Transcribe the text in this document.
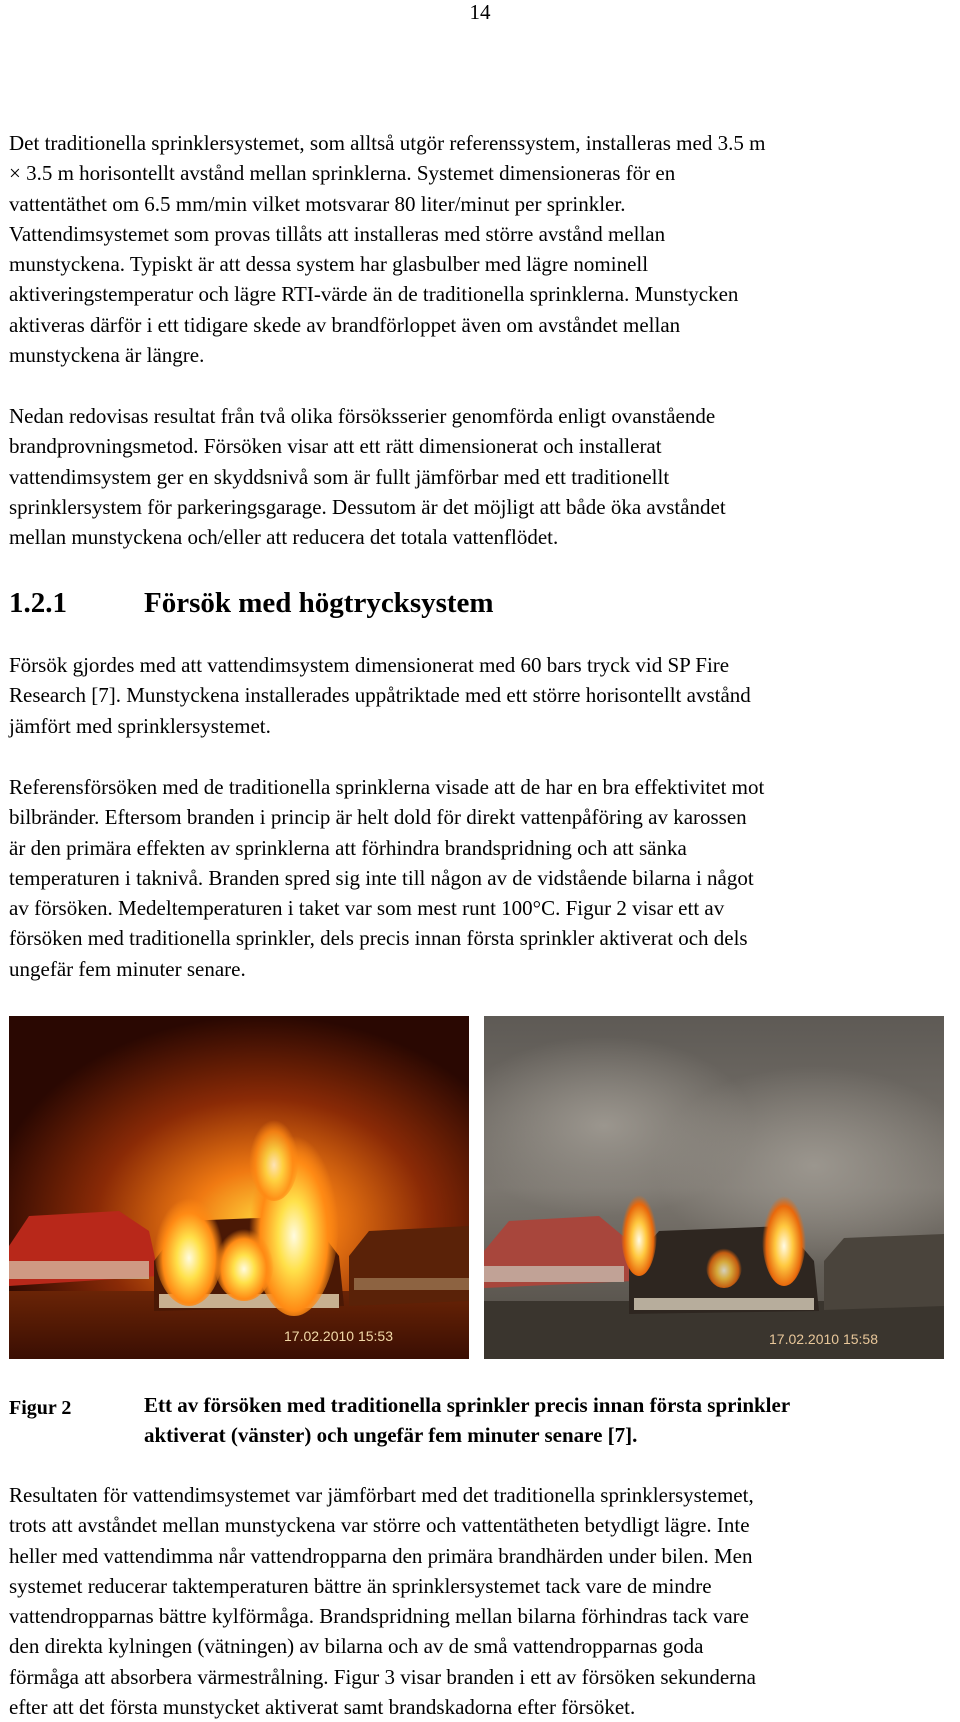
14
Det traditionella sprinklersystemet, som alltså utgör referenssystem, installeras med 3.5 m
× 3.5 m horisontellt avstånd mellan sprinklerna. Systemet dimensioneras för en
vattentäthet om 6.5 mm/min vilket motsvarar 80 liter/minut per sprinkler.
Vattendimsystemet som provas tillåts att installeras med större avstånd mellan
munstyckena. Typiskt är att dessa system har glasbulber med lägre nominell
aktiveringstemperatur och lägre RTI-värde än de traditionella sprinklerna. Munstycken
aktiveras därför i ett tidigare skede av brandförloppet även om avståndet mellan
munstyckena är längre.
Nedan redovisas resultat från två olika försöksserier genomförda enligt ovanstående
brandprovningsmetod. Försöken visar att ett rätt dimensionerat och installerat
vattendimsystem ger en skyddsnivå som är fullt jämförbar med ett traditionellt
sprinklersystem för parkeringsgarage. Dessutom är det möjligt att både öka avståndet
mellan munstyckena och/eller att reducera det totala vattenflödet.
1.2.1	Försök med högtrycksystem
Försök gjordes med att vattendimsystem dimensionerat med 60 bars tryck vid SP Fire
Research [7]. Munstyckena installerades uppåtriktade med ett större horisontellt avstånd
jämfört med sprinklersystemet.
Referensförsöken med de traditionella sprinklerna visade att de har en bra effektivitet mot
bilbränder. Eftersom branden i princip är helt dold för direkt vattenpåföring av karossen
är den primära effekten av sprinklerna att förhindra brandspridning och att sänka
temperaturen i taknivå. Branden spred sig inte till någon av de vidstående bilarna i något
av försöken. Medeltemperaturen i taket var som mest runt 100°C. Figur 2 visar ett av
försöken med traditionella sprinkler, dels precis innan första sprinkler aktiverat och dels
ungefär fem minuter senare.
17.02.2010 15:53	17.02.2010 15:58
Figur 2	Ett av försöken med traditionella sprinkler precis innan första sprinkler
aktiverat (vänster) och ungefär fem minuter senare [7].
Resultaten för vattendimsystemet var jämförbart med det traditionella sprinklersystemet,
trots att avståndet mellan munstyckena var större och vattentätheten betydligt lägre. Inte
heller med vattendimma når vattendropparna den primära brandhärden under bilen. Men
systemet reducerar taktemperaturen bättre än sprinklersystemet tack vare de mindre
vattendropparnas bättre kylförmåga. Brandspridning mellan bilarna förhindras tack vare
den direkta kylningen (vätningen) av bilarna och av de små vattendropparnas goda
förmåga att absorbera värmestrålning. Figur 3 visar branden i ett av försöken sekunderna
efter att det första munstycket aktiverat samt brandskadorna efter försöket.
